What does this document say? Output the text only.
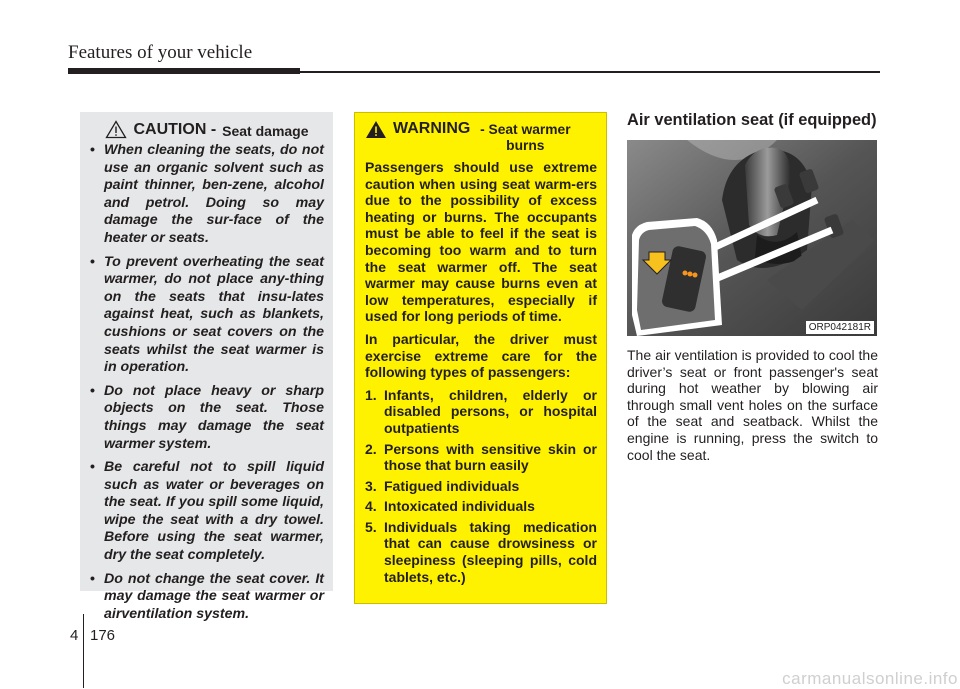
Features of your vehicle
CAUTION - Seat damage
• When cleaning the seats, do not use an organic solvent such as paint thinner, ben-zene, alcohol and petrol. Doing so may damage the sur-face of the heater or seats.
• To prevent overheating the seat warmer, do not place any-thing on the seats that insu-lates against heat, such as blankets, cushions or seat covers on the seats whilst the seat warmer is in operation.
• Do not place heavy or sharp objects on the seat. Those things may damage the seat warmer system.
• Be careful not to spill liquid such as water or beverages on the seat. If you spill some liquid, wipe the seat with a dry towel. Before using the seat warmer, dry the seat completely.
• Do not change the seat cover. It may damage the seat warmer or airventilation system.
WARNING - Seat warmer burns

Passengers should use extreme caution when using seat warm-ers due to the possibility of excess heating or burns. The occupants must be able to feel if the seat is becoming too warm and to turn the seat warmer off. The seat warmer may cause burns even at low temperatures, especially if used for long periods of time.

In particular, the driver must exercise extreme care for the following types of passengers:

1. Infants, children, elderly or disabled persons, or hospital outpatients
2. Persons with sensitive skin or those that burn easily
3. Fatigued individuals
4. Intoxicated individuals
5. Individuals taking medication that can cause drowsiness or sleepiness (sleeping pills, cold tablets, etc.)
Air ventilation seat (if equipped)
ORP042181R

The air ventilation is provided to cool the driver’s seat or front passenger's seat during hot weather by blowing air through small vent holes on the surface of the seat and seatback. Whilst the engine is running, press the switch to cool the seat.

4 176
carmanualsonline.info
